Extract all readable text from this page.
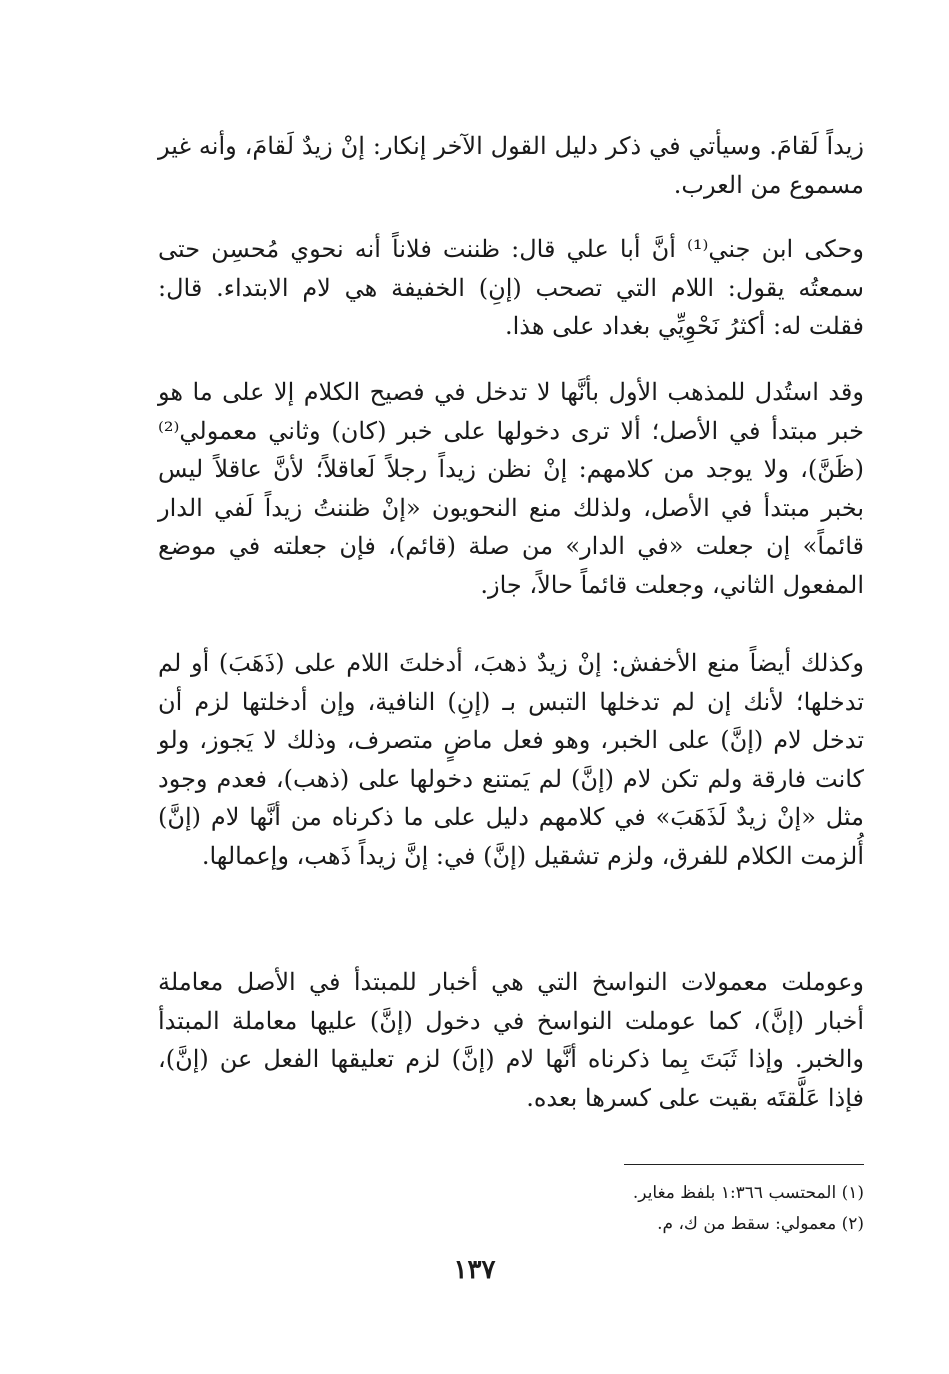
زيداً لَقامَ. وسيأتي في ذكر دليل القول الآخر إنكار: إنْ زيدٌ لَقامَ، وأنه غير مسموع من العرب.

وحكى ابن جني⁽¹⁾ أنَّ أبا علي قال: ظننت فلاناً أنه نحوي مُحسِن حتى سمعتُه يقول: اللام التي تصحب (إنِ) الخفيفة هي لام الابتداء. قال: فقلت له: أكثرُ نَحْوِيِّي بغداد على هذا.

وقد استُدل للمذهب الأول بأنَّها لا تدخل في فصيح الكلام إلا على ما هو خبر مبتدأ في الأصل؛ ألا ترى دخولها على خبر (كان) وثاني معمولي⁽²⁾ (ظَنَّ)، ولا يوجد من كلامهم: إنْ نظن زيداً رجلاً لَعاقلاً؛ لأنَّ عاقلاً ليس بخبر مبتدأ في الأصل، ولذلك منع النحويون «إنْ ظننتُ زيداً لَفي الدار قائماً» إن جعلت «في الدار» من صلة (قائم)، فإن جعلته في موضع المفعول الثاني، وجعلت قائماً حالاً، جاز.

وكذلك أيضاً منع الأخفش: إنْ زيدٌ ذهبَ، أدخلتَ اللام على (ذَهَبَ) أو لم تدخلها؛ لأنك إن لم تدخلها التبس بـ (إنِ) النافية، وإن أدخلتها لزم أن تدخل لام (إنَّ) على الخبر، وهو فعل ماضٍ متصرف، وذلك لا يَجوز، ولو كانت فارقة ولم تكن لام (إنَّ) لم يَمتنع دخولها على (ذهب)، فعدم وجود مثل «إنْ زيدٌ لَذَهَبَ» في كلامهم دليل على ما ذكرناه من أنَّها لام (إنَّ) أُلزمت الكلام للفرق، ولزم تشقيل (إنَّ) في: إنَّ زيداً ذَهب، وإعمالها.

وعوملت معمولات النواسخ التي هي أخبار للمبتدأ في الأصل معاملة أخبار (إنَّ)، كما عوملت النواسخ في دخول (إنَّ) عليها معاملة المبتدأ والخبر. وإذا ثَبَتَ بِما ذكرناه أنَّها لام (إنَّ) لزم تعليقها الفعل عن (إنَّ)، فإذا عَلَّقتَه بقيت على كسرها بعده.

(١) المحتسب ١:٣٦٦ بلفظ مغاير.

(٢) معمولي: سقط من ك، م.

١٣٧
